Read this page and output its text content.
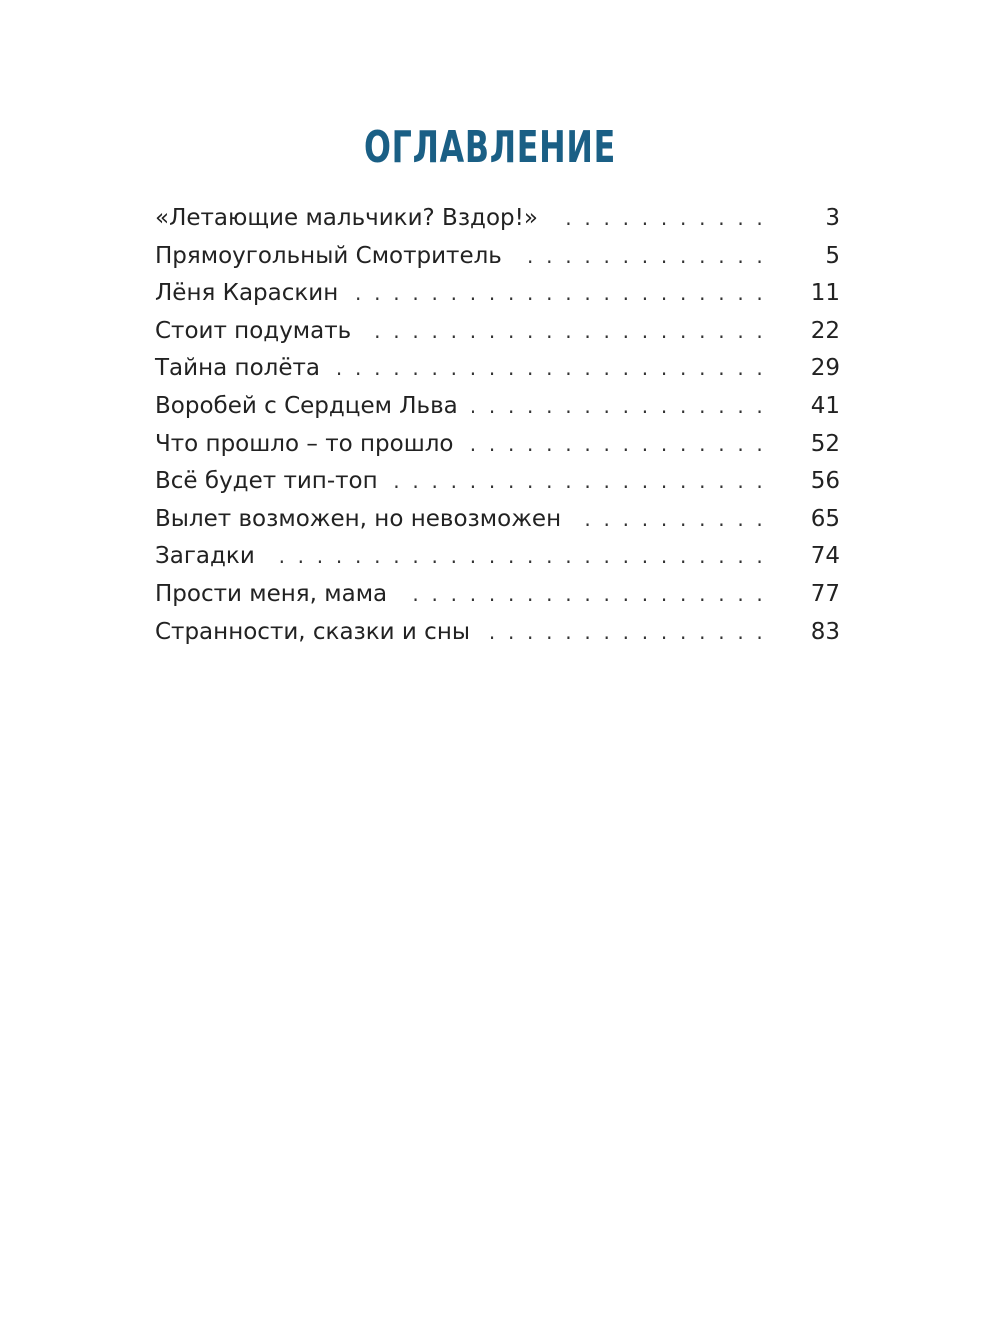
ОГЛАВЛЕНИЕ
«Летающие мальчики? Вздор!» . . .	3
Прямоугольный Смотритель . . .	5
Лёня Караскин . . .	11
Стоит подумать . . .	22
Тайна полёта . . .	29
Воробей с Сердцем Льва . . .	41
Что прошло – то прошло . . .	52
Всё будет тип-топ . . .	56
Вылет возможен, но невозможен . . .	65
Загадки . . .	74
Прости меня, мама . . .	77
Странности, сказки и сны . . .	83
